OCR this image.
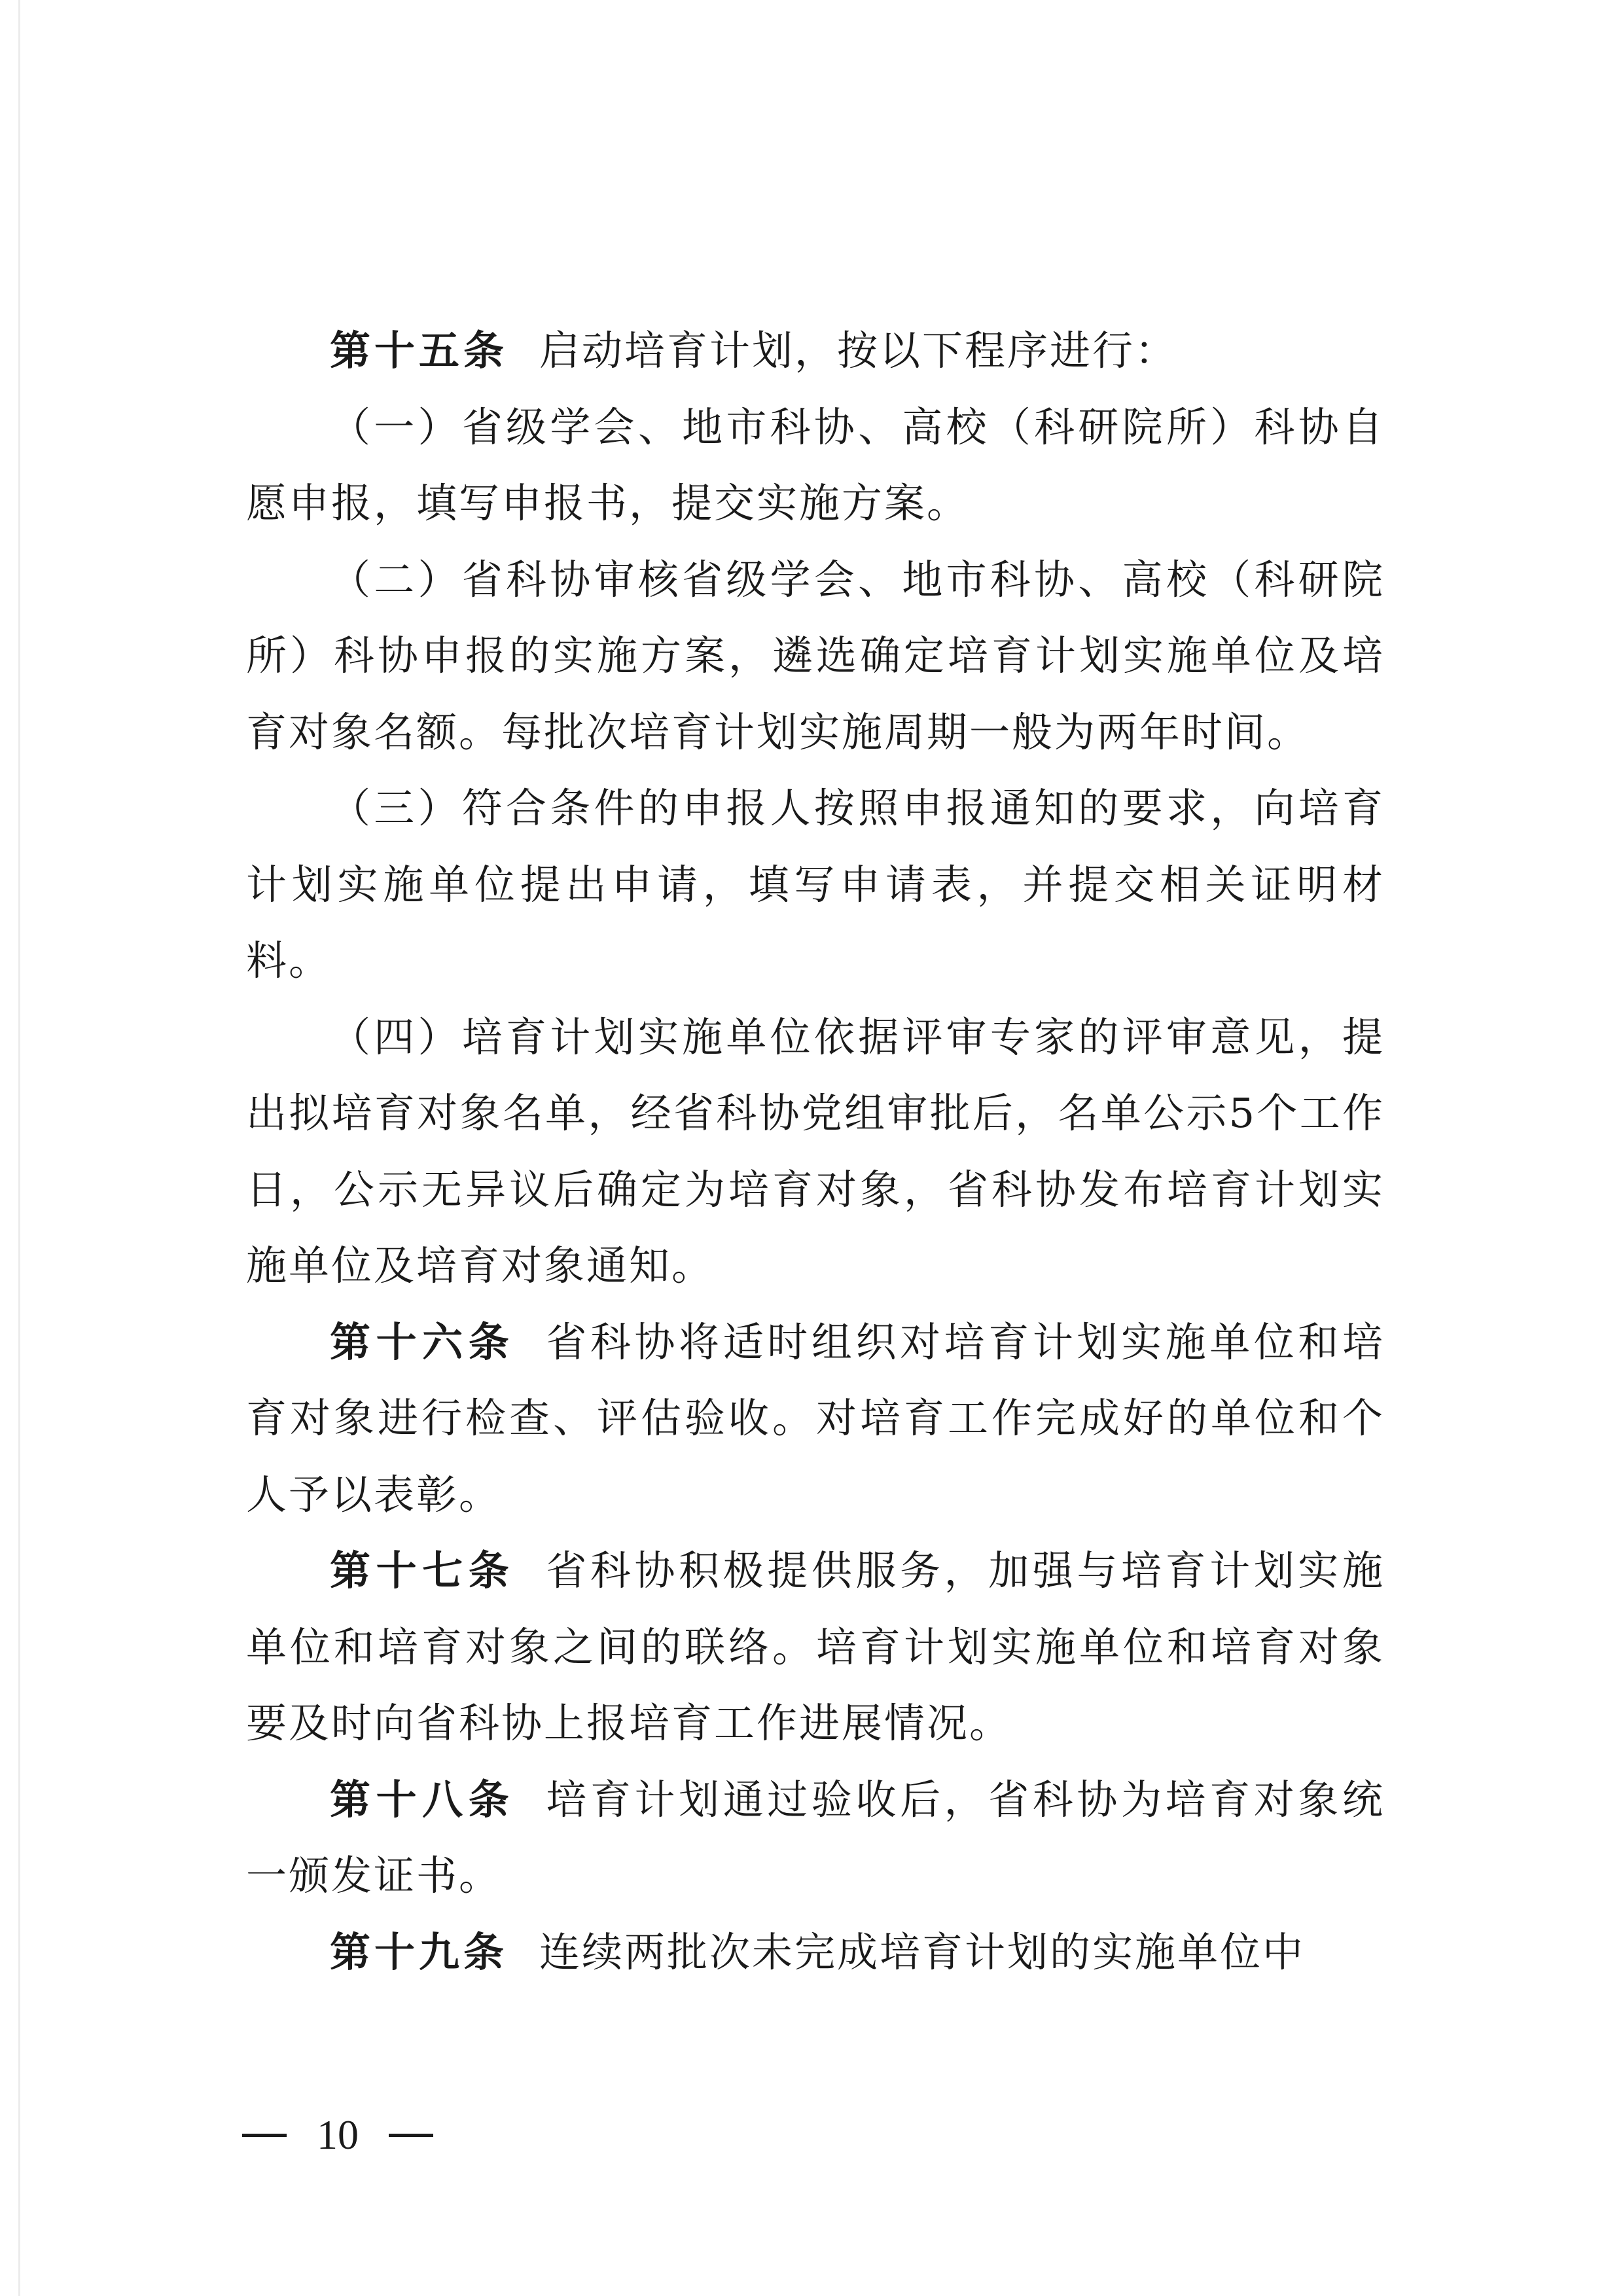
第十五条 启动培育计划，按以下程序进行：

（一）省级学会、地市科协、高校（科研院所）科协自愿申报，填写申报书，提交实施方案。

（二）省科协审核省级学会、地市科协、高校（科研院所）科协申报的实施方案，遴选确定培育计划实施单位及培育对象名额。每批次培育计划实施周期一般为两年时间。

（三）符合条件的申报人按照申报通知的要求，向培育计划实施单位提出申请，填写申请表，并提交相关证明材料。

（四）培育计划实施单位依据评审专家的评审意见，提出拟培育对象名单，经省科协党组审批后，名单公示5个工作日，公示无异议后确定为培育对象，省科协发布培育计划实施单位及培育对象通知。

第十六条 省科协将适时组织对培育计划实施单位和培育对象进行检查、评估验收。对培育工作完成好的单位和个人予以表彰。

第十七条 省科协积极提供服务，加强与培育计划实施单位和培育对象之间的联络。培育计划实施单位和培育对象要及时向省科协上报培育工作进展情况。

第十八条 培育计划通过验收后，省科协为培育对象统一颁发证书。

第十九条 连续两批次未完成培育计划的实施单位中

10
